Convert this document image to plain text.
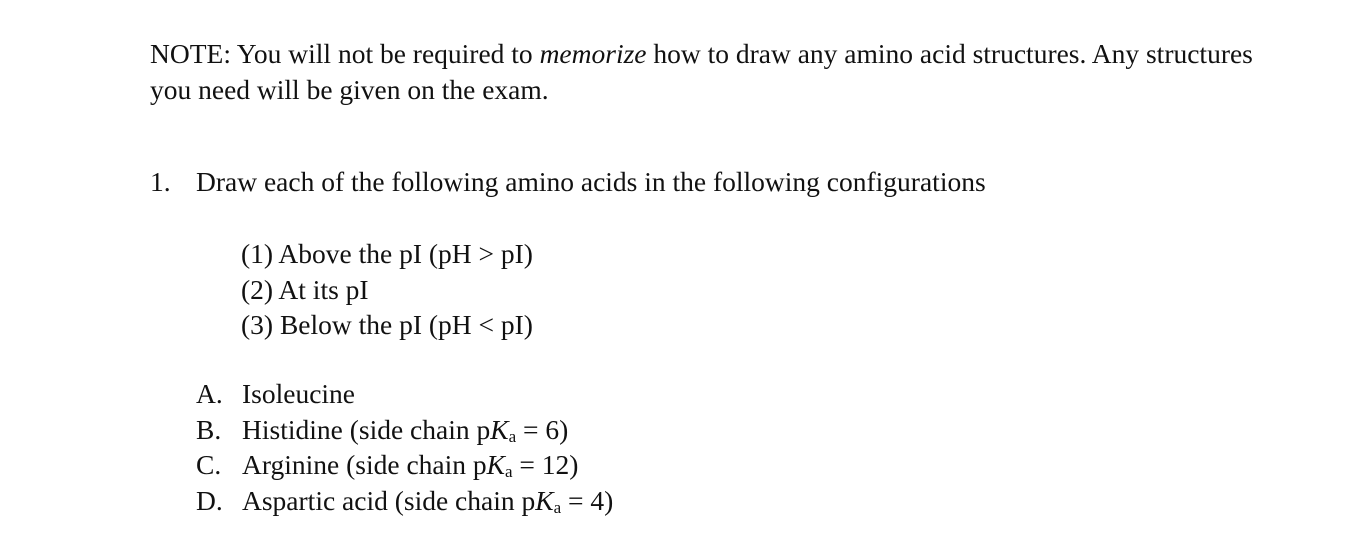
NOTE: You will not be required to memorize how to draw any amino acid structures. Any structures you need will be given on the exam.

1. Draw each of the following amino acids in the following configurations
(1) Above the pI (pH > pI)
(2) At its pI
(3) Below the pI (pH < pI)
A. Isoleucine
B. Histidine (side chain $pK_a = 6$)
C. Arginine (side chain $pK_a = 12$)
D. Aspartic acid (side chain $pK_a = 4$)
